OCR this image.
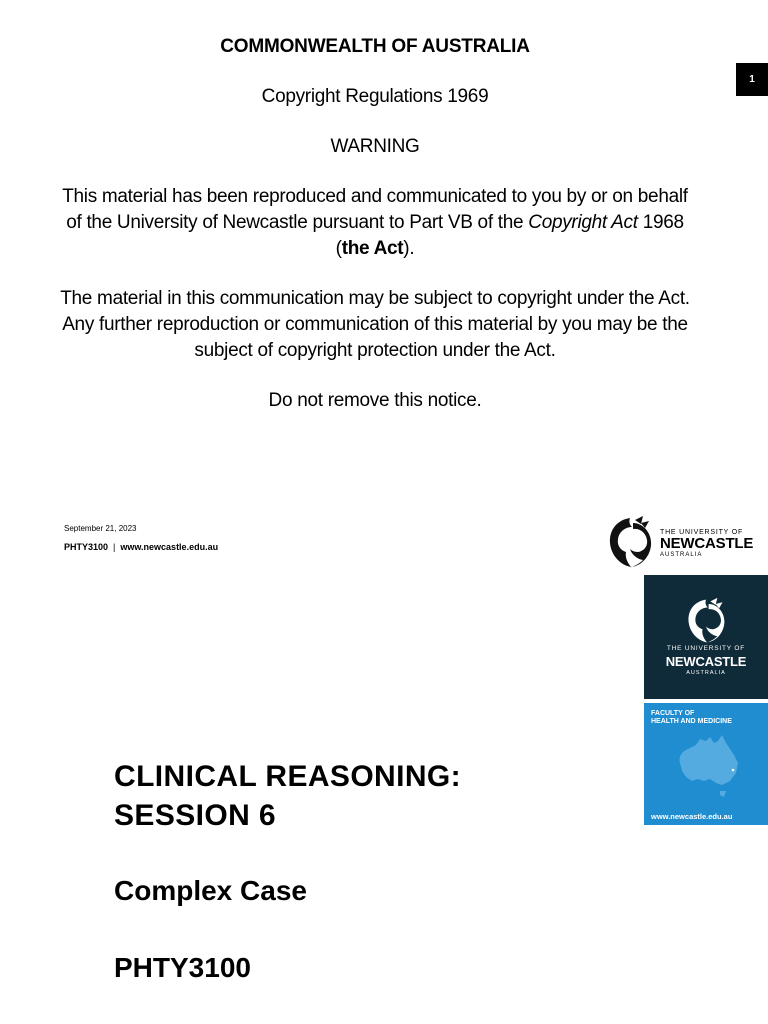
1
COMMONWEALTH OF AUSTRALIA

Copyright Regulations 1969

WARNING

This material has been reproduced and communicated to you by or on behalf of the University of Newcastle pursuant to Part VB of the Copyright Act 1968 (the Act).

The material in this communication may be subject to copyright under the Act. Any further reproduction or communication of this material by you may be the subject of copyright protection under the Act.

Do not remove this notice.

September 21, 2023
PHTY3100 | www.newcastle.edu.au
THE UNIVERSITY OF
NEWCASTLE
AUSTRALIA
THE UNIVERSITY OF
NEWCASTLE
AUSTRALIA
FACULTY OF
HEALTH AND MEDICINE
www.newcastle.edu.au
CLINICAL REASONING:
SESSION 6
Complex Case
PHTY3100
